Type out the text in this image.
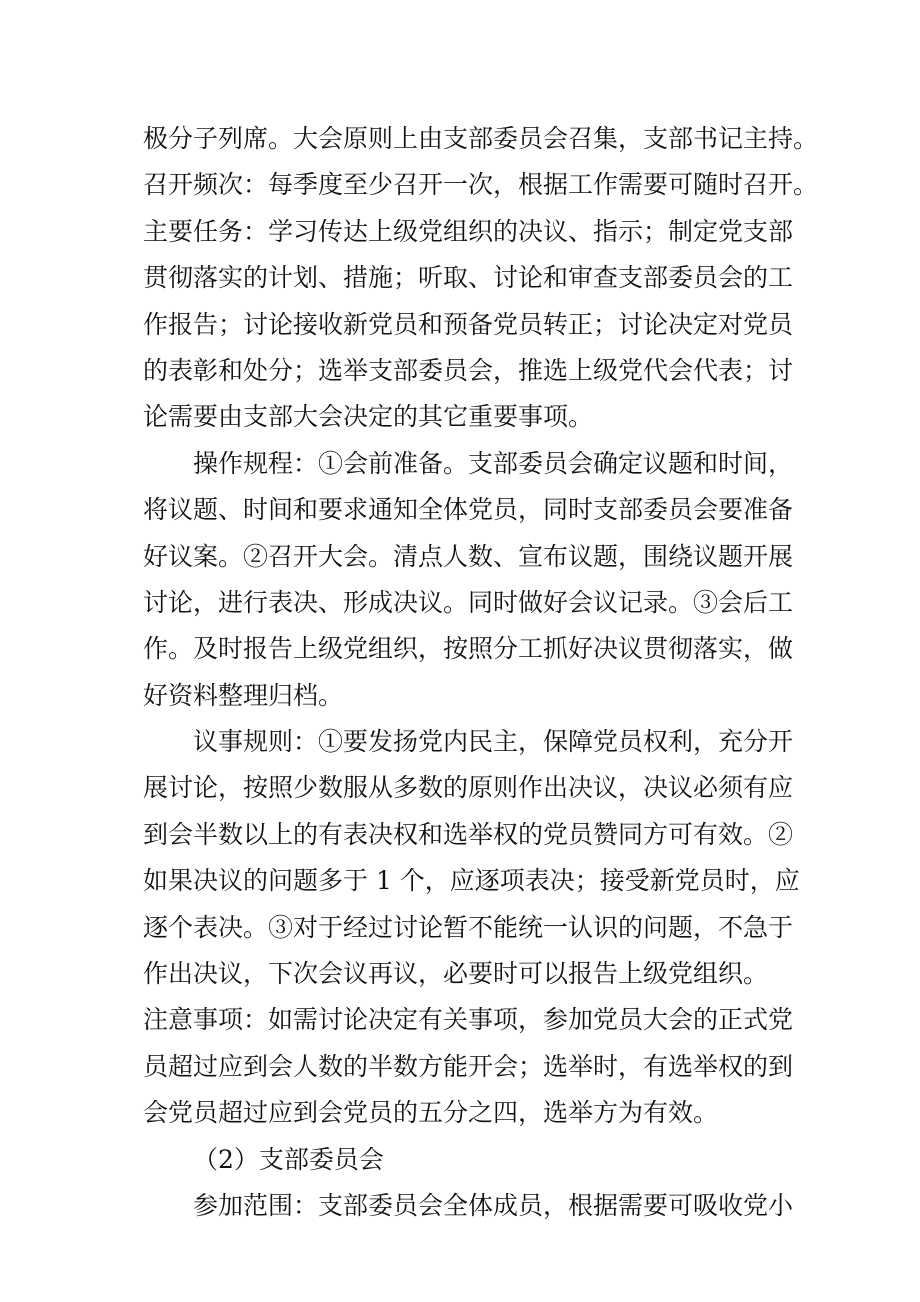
极分子列席。大会原则上由支部委员会召集，支部书记主持。
召开频次：每季度至少召开一次，根据工作需要可随时召开。
主要任务：学习传达上级党组织的决议、指示；制定党支部
贯彻落实的计划、措施；听取、讨论和审查支部委员会的工
作报告；讨论接收新党员和预备党员转正；讨论决定对党员
的表彰和处分；选举支部委员会，推选上级党代会代表；讨
论需要由支部大会决定的其它重要事项。
操作规程：①会前准备。支部委员会确定议题和时间，
将议题、时间和要求通知全体党员，同时支部委员会要准备
好议案。②召开大会。清点人数、宣布议题，围绕议题开展
讨论，进行表决、形成决议。同时做好会议记录。③会后工
作。及时报告上级党组织，按照分工抓好决议贯彻落实，做
好资料整理归档。
议事规则：①要发扬党内民主，保障党员权利，充分开
展讨论，按照少数服从多数的原则作出决议，决议必须有应
到会半数以上的有表决权和选举权的党员赞同方可有效。②
如果决议的问题多于 1 个，应逐项表决；接受新党员时，应
逐个表决。③对于经过讨论暂不能统一认识的问题，不急于
作出决议，下次会议再议，必要时可以报告上级党组织。
注意事项：如需讨论决定有关事项，参加党员大会的正式党
员超过应到会人数的半数方能开会；选举时，有选举权的到
会党员超过应到会党员的五分之四，选举方为有效。
（2）支部委员会
参加范围：支部委员会全体成员，根据需要可吸收党小
